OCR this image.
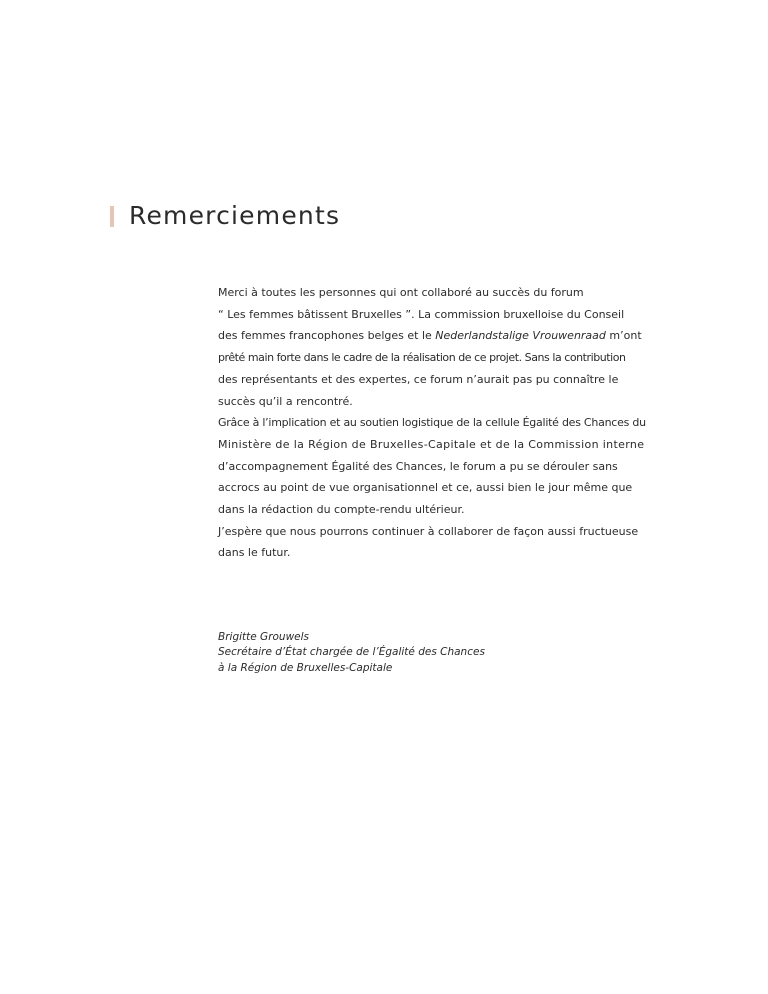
Remerciements
Merci à toutes les personnes qui ont collaboré au succès du forum
“ Les femmes bâtissent Bruxelles ”. La commission bruxelloise du Conseil
des femmes francophones belges et le Nederlandstalige Vrouwenraad m’ont
prêté main forte dans le cadre de la réalisation de ce projet. Sans la contribution
des représentants et des expertes, ce forum n’aurait pas pu connaître le
succès qu’il a rencontré.
Grâce à l’implication et au soutien logistique de la cellule Égalité des Chances du
Ministère de la Région de Bruxelles-Capitale et de la Commission interne
d’accompagnement Égalité des Chances, le forum a pu se dérouler sans
accrocs au point de vue organisationnel et ce, aussi bien le jour même que
dans la rédaction du compte-rendu ultérieur.
J’espère que nous pourrons continuer à collaborer de façon aussi fructueuse
dans le futur.
Brigitte Grouwels
Secrétaire d’État chargée de l’Égalité des Chances
à la Région de Bruxelles-Capitale
